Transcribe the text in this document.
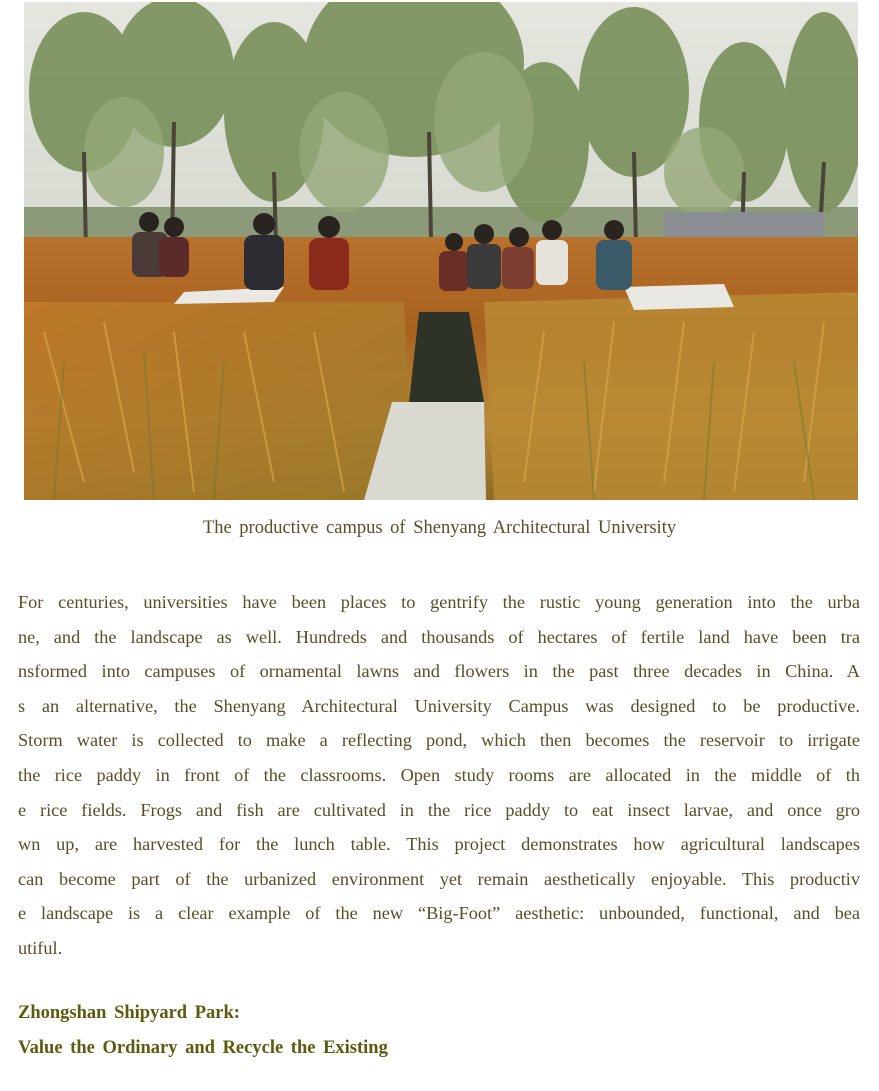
The productive campus of Shenyang Architectural University
For centuries, universities have been places to gentrify the rustic young generation into the urba
ne, and the landscape as well. Hundreds and thousands of hectares of fertile land have been tra
nsformed into campuses of ornamental lawns and flowers in the past three decades in China. A
s an alternative, the Shenyang Architectural University Campus was designed to be productive.
Storm water is collected to make a reflecting pond, which then becomes the reservoir to irrigate
the rice paddy in front of the classrooms. Open study rooms are allocated in the middle of th
e rice fields. Frogs and fish are cultivated in the rice paddy to eat insect larvae, and once gro
wn up, are harvested for the lunch table. This project demonstrates how agricultural landscapes
can become part of the urbanized environment yet remain aesthetically enjoyable. This productiv
e landscape is a clear example of the new “Big-Foot” aesthetic: unbounded, functional, and bea
utiful.
Zhongshan Shipyard Park:
Value the Ordinary and Recycle the Existing
